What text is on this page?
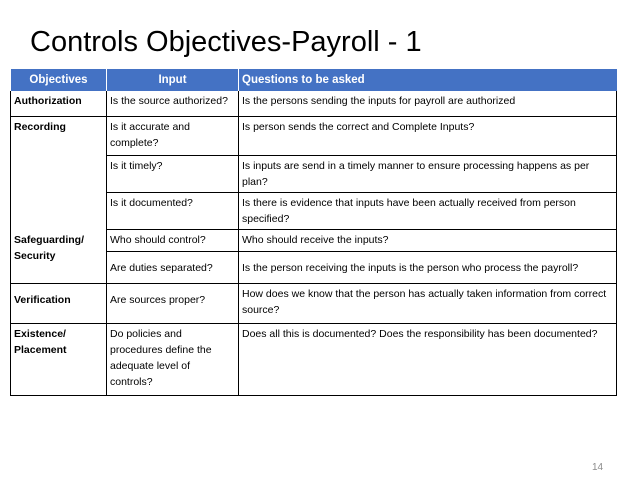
Controls Objectives-Payroll - 1
Objectives	Input	Questions to be asked
Authorization	Is the source authorized?	Is the persons sending the inputs for payroll are authorized
Recording	Is it accurate and complete?	Is person sends the correct and Complete Inputs?
	Is it timely?	Is inputs are send in a timely manner to ensure processing happens as per plan?
	Is it documented?	Is there is evidence that inputs have been actually received from person specified?
Safeguarding/ Security	Who should control?	Who should receive the inputs?
	Are duties separated?	Is the person receiving the inputs is the person who process the payroll?
Verification	Are sources proper?	How does we know that the person has actually taken information from correct source?
Existence/ Placement	Do policies and procedures define the adequate level of controls?	Does all this is documented? Does the responsibility has been documented?
14
